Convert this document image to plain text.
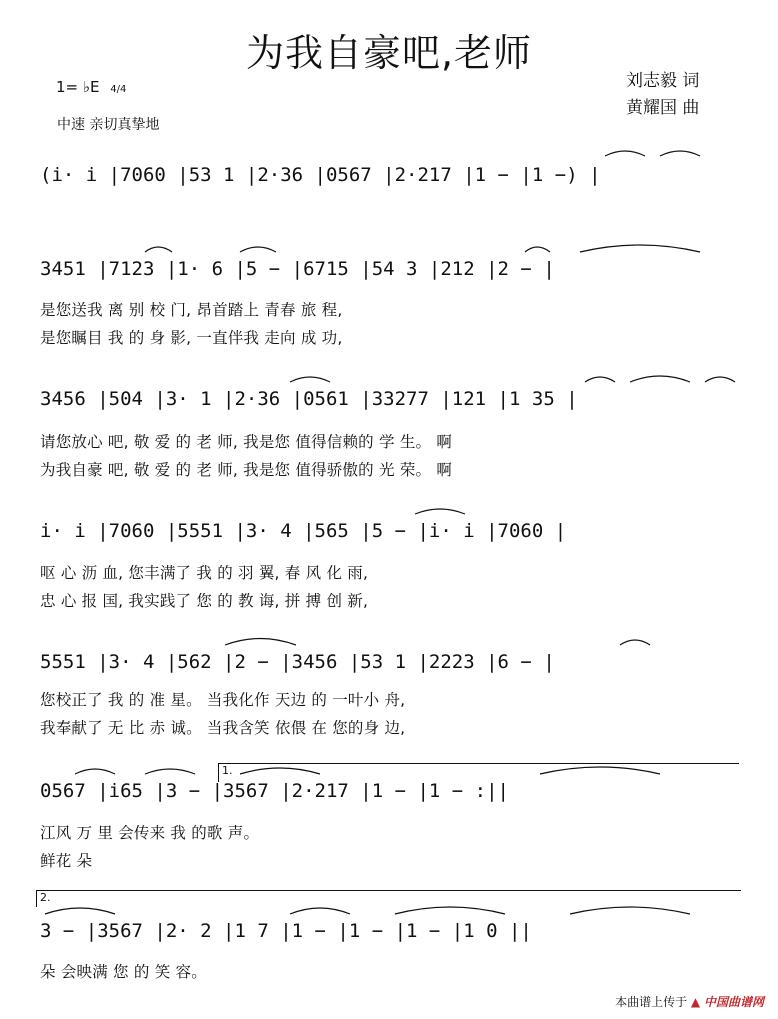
为我自豪吧,老师
1= ♭E 4/4
中速 亲切真挚地
刘志毅 词
黄耀国 曲
(i· i |7060 |53 1 |2·36 |0567 |2·217 |1 − |1 −) |
3451 |7123 |1· 6 |5 − |6715 |54 3 |212 |2 − |
是您送我 离 别 校 门, 昂首踏上 青春 旅 程,
是您瞩目 我 的 身 影, 一直伴我 走向 成 功,
3456 |504 |3· 1 |2·36 |0561 |33277 |121 |1 35 |
请您放心 吧, 敬 爱 的 老 师, 我是您 值得信赖的 学 生。 啊
为我自豪 吧, 敬 爱 的 老 师, 我是您 值得骄傲的 光 荣。 啊
i· i |7060 |5551 |3· 4 |565 |5 − |i· i |7060 |
呕 心 沥 血, 您丰满了 我 的 羽 翼, 春 风 化 雨,
忠 心 报 国, 我实践了 您 的 教 诲, 拼 搏 创 新,
5551 |3· 4 |562 |2 − |3456 |53 1 |2223 |6 − |
您校正了 我 的 准 星。 当我化作 天边 的 一叶小 舟,
我奉献了 无 比 赤 诚。 当我含笑 依偎 在 您的身 边,
1.
0567 |i65 |3 − |3567 |2·217 |1 − |1 − :||
江风 万 里 会传来 我 的歌 声。
鲜花 朵
2.
3 − |3567 |2· 2 |1 7 |1 − |1 − |1 − |1 0 ||
朵 会映满 您 的 笑 容。
本曲谱上传于 ▲ 中国曲谱网
